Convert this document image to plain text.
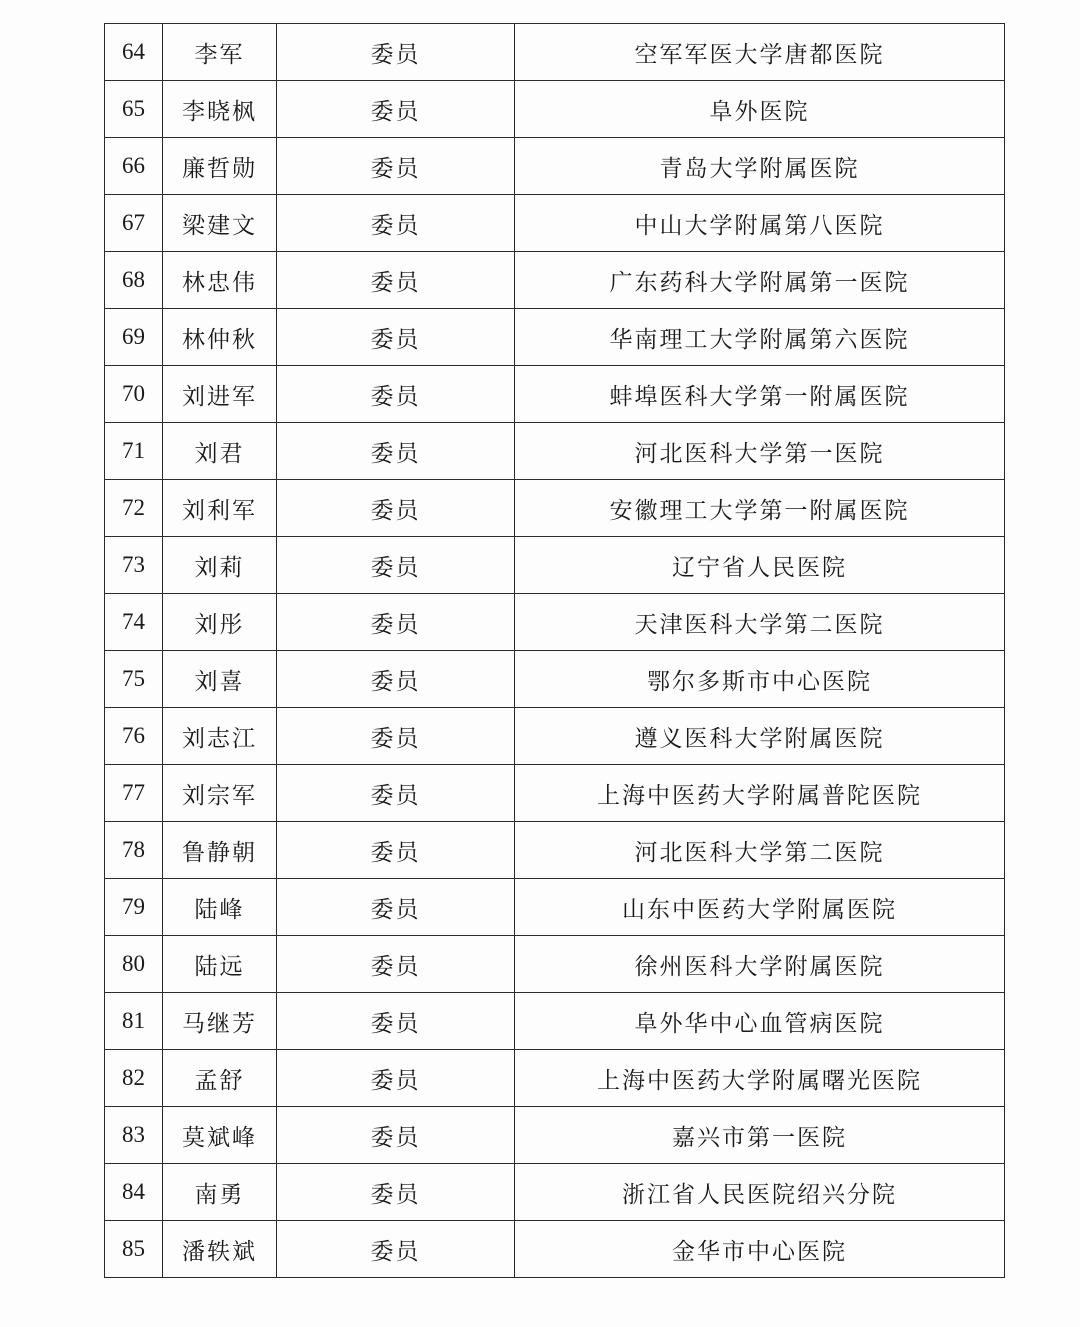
64	李军	委员	空军军医大学唐都医院
65	李晓枫	委员	阜外医院
66	廉哲勋	委员	青岛大学附属医院
67	梁建文	委员	中山大学附属第八医院
68	林忠伟	委员	广东药科大学附属第一医院
69	林仲秋	委员	华南理工大学附属第六医院
70	刘进军	委员	蚌埠医科大学第一附属医院
71	刘君	委员	河北医科大学第一医院
72	刘利军	委员	安徽理工大学第一附属医院
73	刘莉	委员	辽宁省人民医院
74	刘彤	委员	天津医科大学第二医院
75	刘喜	委员	鄂尔多斯市中心医院
76	刘志江	委员	遵义医科大学附属医院
77	刘宗军	委员	上海中医药大学附属普陀医院
78	鲁静朝	委员	河北医科大学第二医院
79	陆峰	委员	山东中医药大学附属医院
80	陆远	委员	徐州医科大学附属医院
81	马继芳	委员	阜外华中心血管病医院
82	孟舒	委员	上海中医药大学附属曙光医院
83	莫斌峰	委员	嘉兴市第一医院
84	南勇	委员	浙江省人民医院绍兴分院
85	潘轶斌	委员	金华市中心医院
